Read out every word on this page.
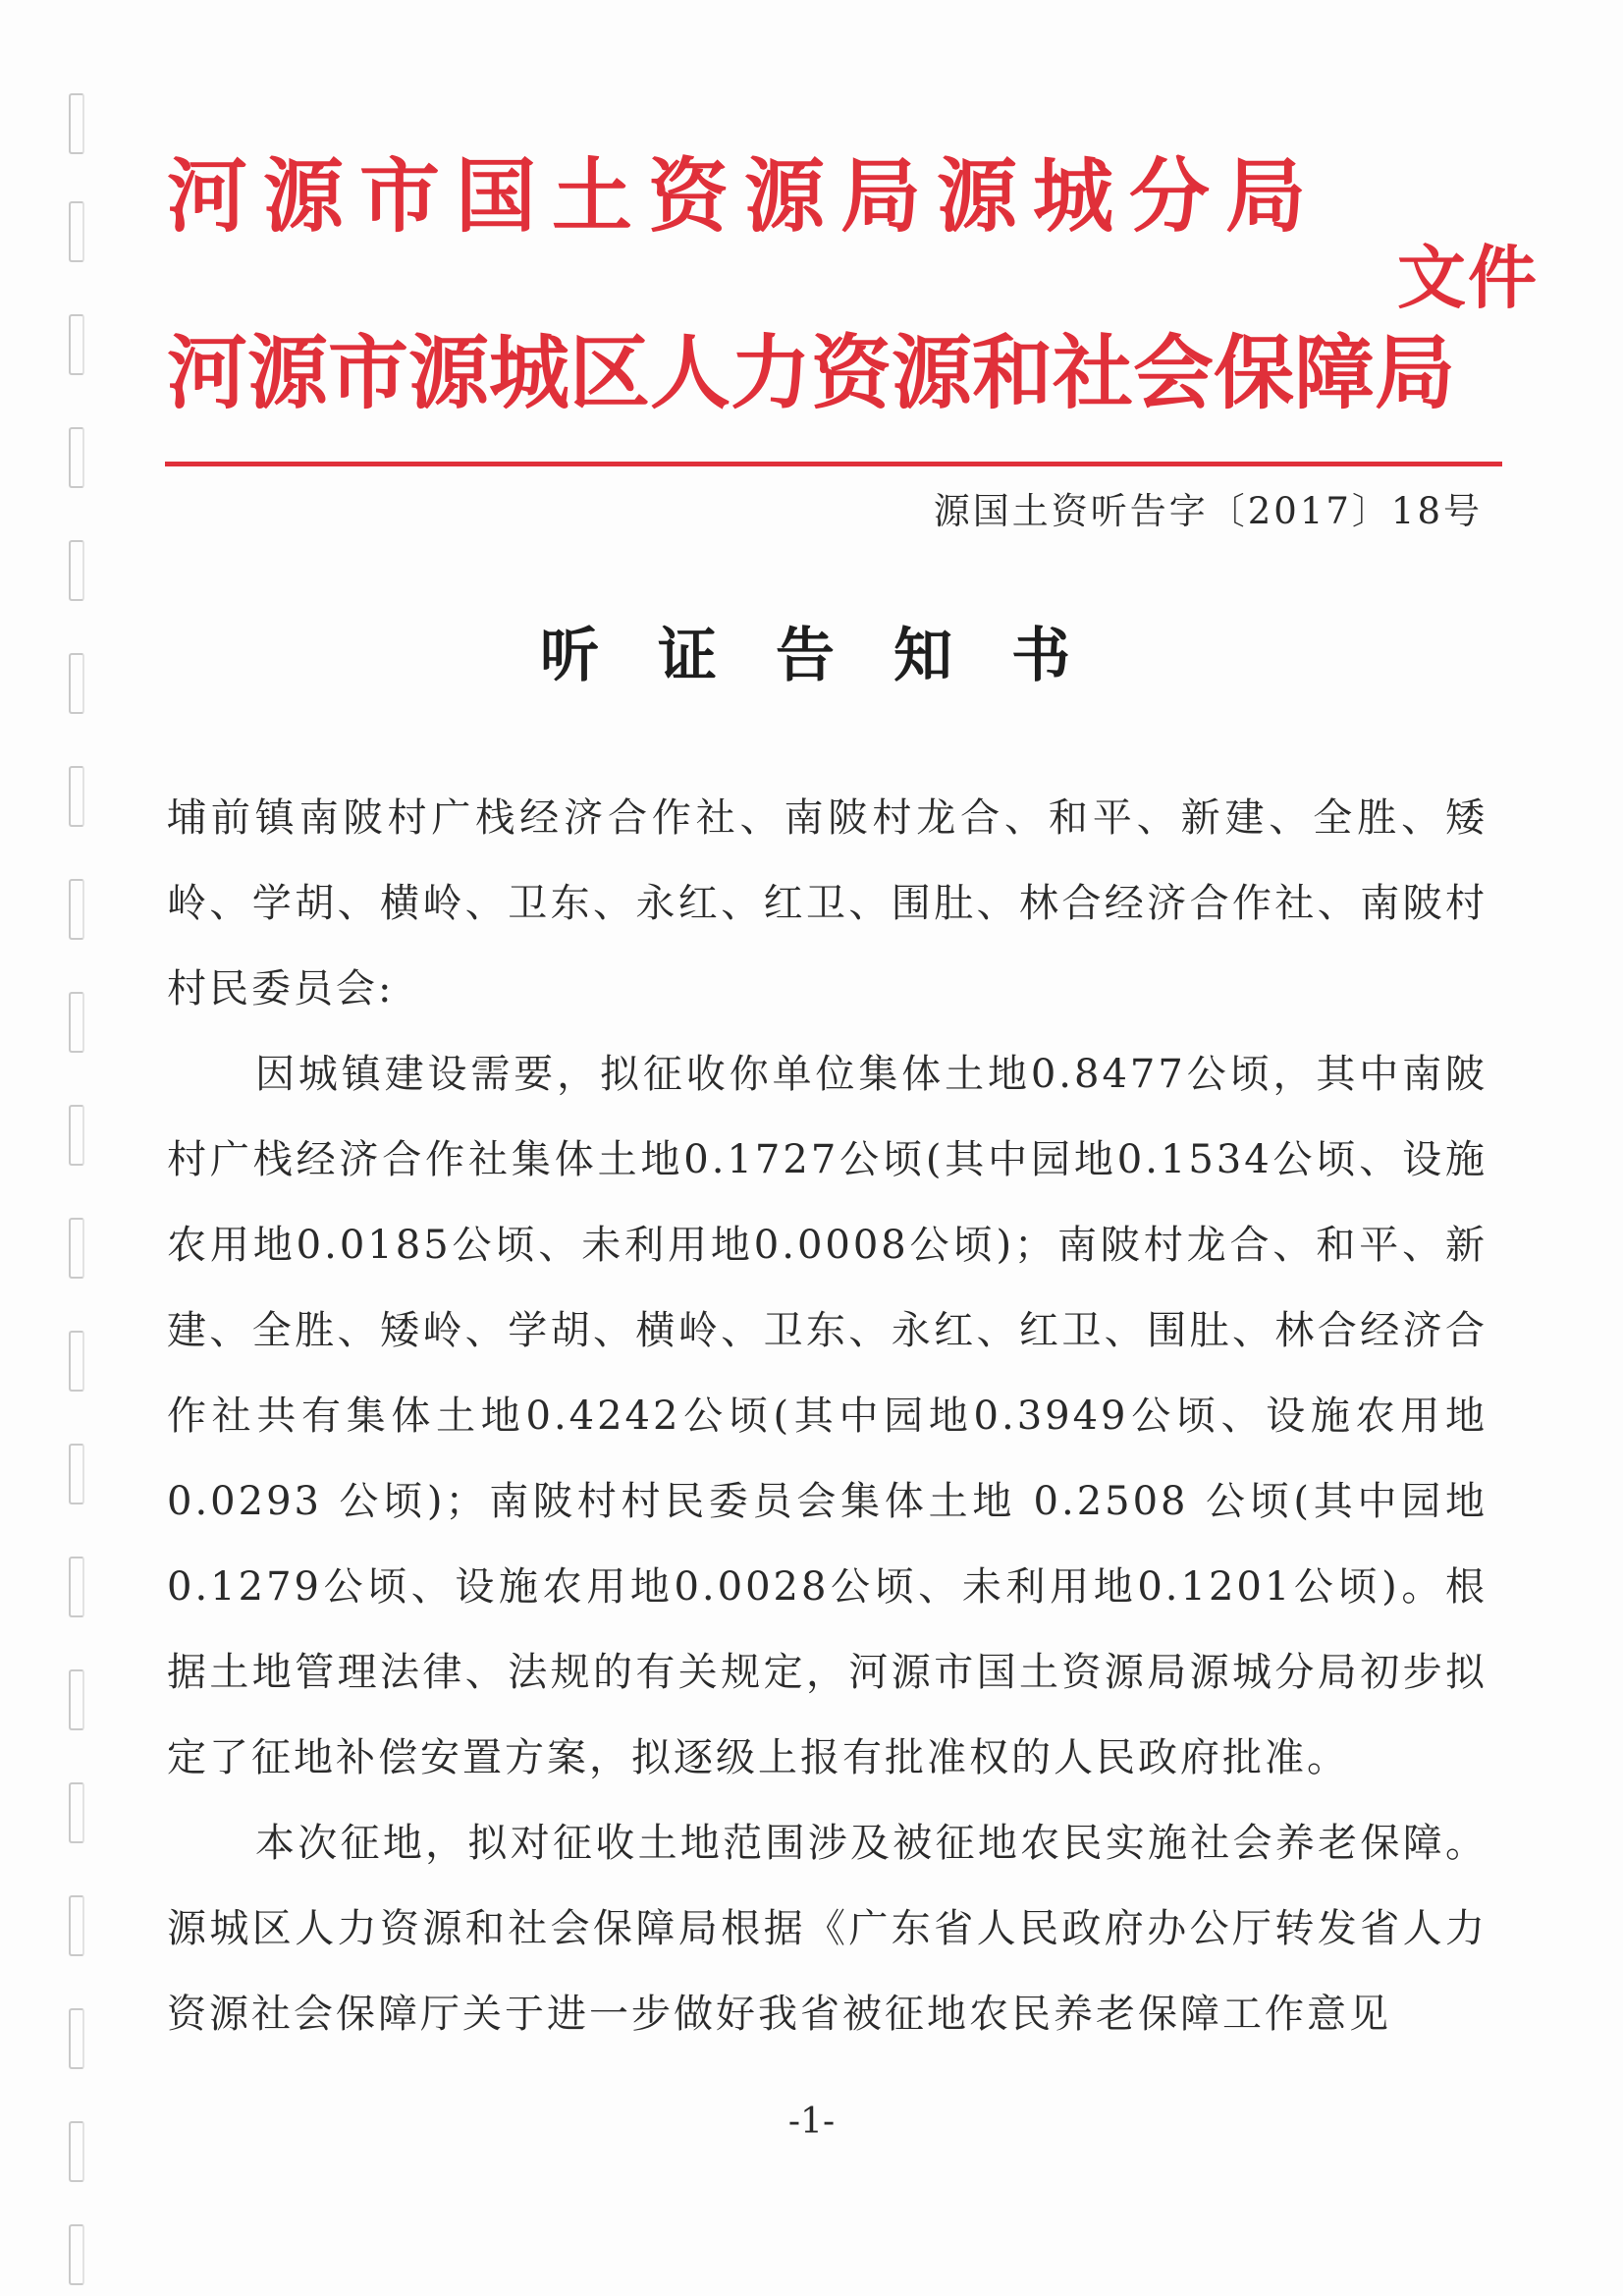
河源市国土资源局源城分局
河源市源城区人力资源和社会保障局
文件
源国土资听告字〔2017〕18号
听证告知书

埔前镇南陂村广栈经济合作社、南陂村龙合、和平、新建、全胜、矮岭、学胡、横岭、卫东、永红、红卫、围肚、林合经济合作社、南陂村村民委员会:

因城镇建设需要，拟征收你单位集体土地0.8477公顷，其中南陂村广栈经济合作社集体土地0.1727公顷(其中园地0.1534公顷、设施农用地0.0185公顷、未利用地0.0008公顷)；南陂村龙合、和平、新建、全胜、矮岭、学胡、横岭、卫东、永红、红卫、围肚、林合经济合作社共有集体土地0.4242公顷(其中园地0.3949公顷、设施农用地0.0293 公顷)；南陂村村民委员会集体土地 0.2508 公顷(其中园地0.1279公顷、设施农用地0.0028公顷、未利用地0.1201公顷)。根据土地管理法律、法规的有关规定，河源市国土资源局源城分局初步拟定了征地补偿安置方案，拟逐级上报有批准权的人民政府批准。

本次征地，拟对征收土地范围涉及被征地农民实施社会养老保障。源城区人力资源和社会保障局根据《广东省人民政府办公厅转发省人力资源社会保障厅关于进一步做好我省被征地农民养老保障工作意见

-1-
